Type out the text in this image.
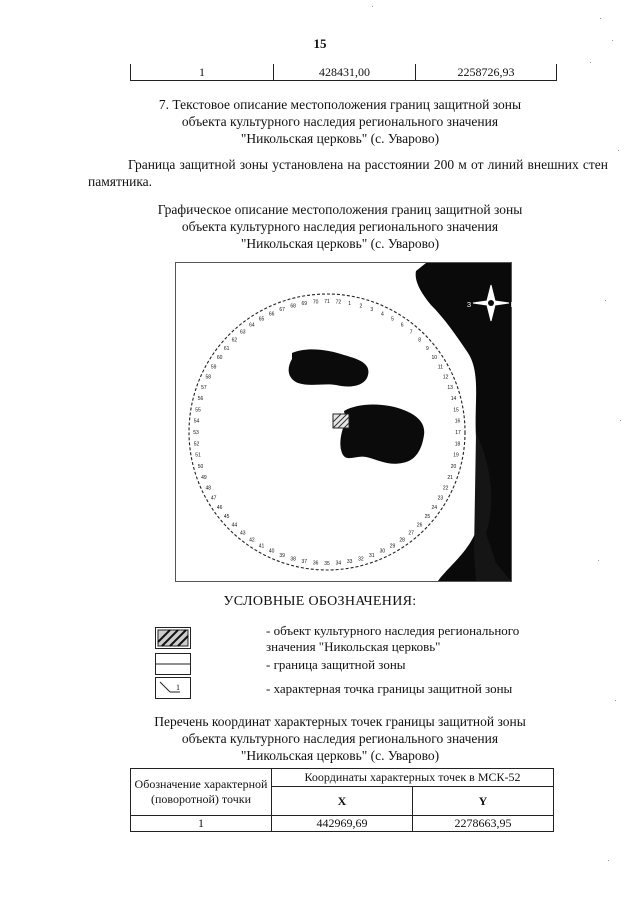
15
1	428431,00	2258726,93
7. Текстовое описание местоположения границ защитной зоны
объекта культурного наследия регионального значения
"Никольская церковь" (с. Уварово)
Граница защитной зоны установлена на расстоянии 200 м от линий внешних стен памятника.
Графическое описание местоположения границ защитной зоны
объекта культурного наследия регионального значения
"Никольская церковь" (с. Уварово)
З	В
1 2
3
4
5
6
7
8
9
10
11
12
13
14
15
16
17
18
19
20
21
22
23
24
25
26
27
28
29
30
31
32
33
34
35
36
37
38
39
40
41
42
43
44
45
46
47
48
49
50
51
52
53
54
55
56
57
58
59
60
61
62
63
64
65
66
67
68 69 70 71 72
УСЛОВНЫЕ ОБОЗНАЧЕНИЯ:
- объект культурного наследия регионального
значения "Никольская церковь"
- граница защитной зоны
1	- характерная точка границы защитной зоны
Перечень координат характерных точек границы защитной зоны
объекта культурного наследия регионального значения
"Никольская церковь" (с. Уварово)
Обозначение характерной (поворотной) точки	Координаты характерных точек в МСК-52	
	X	Y
1	442969,69	2278663,95
